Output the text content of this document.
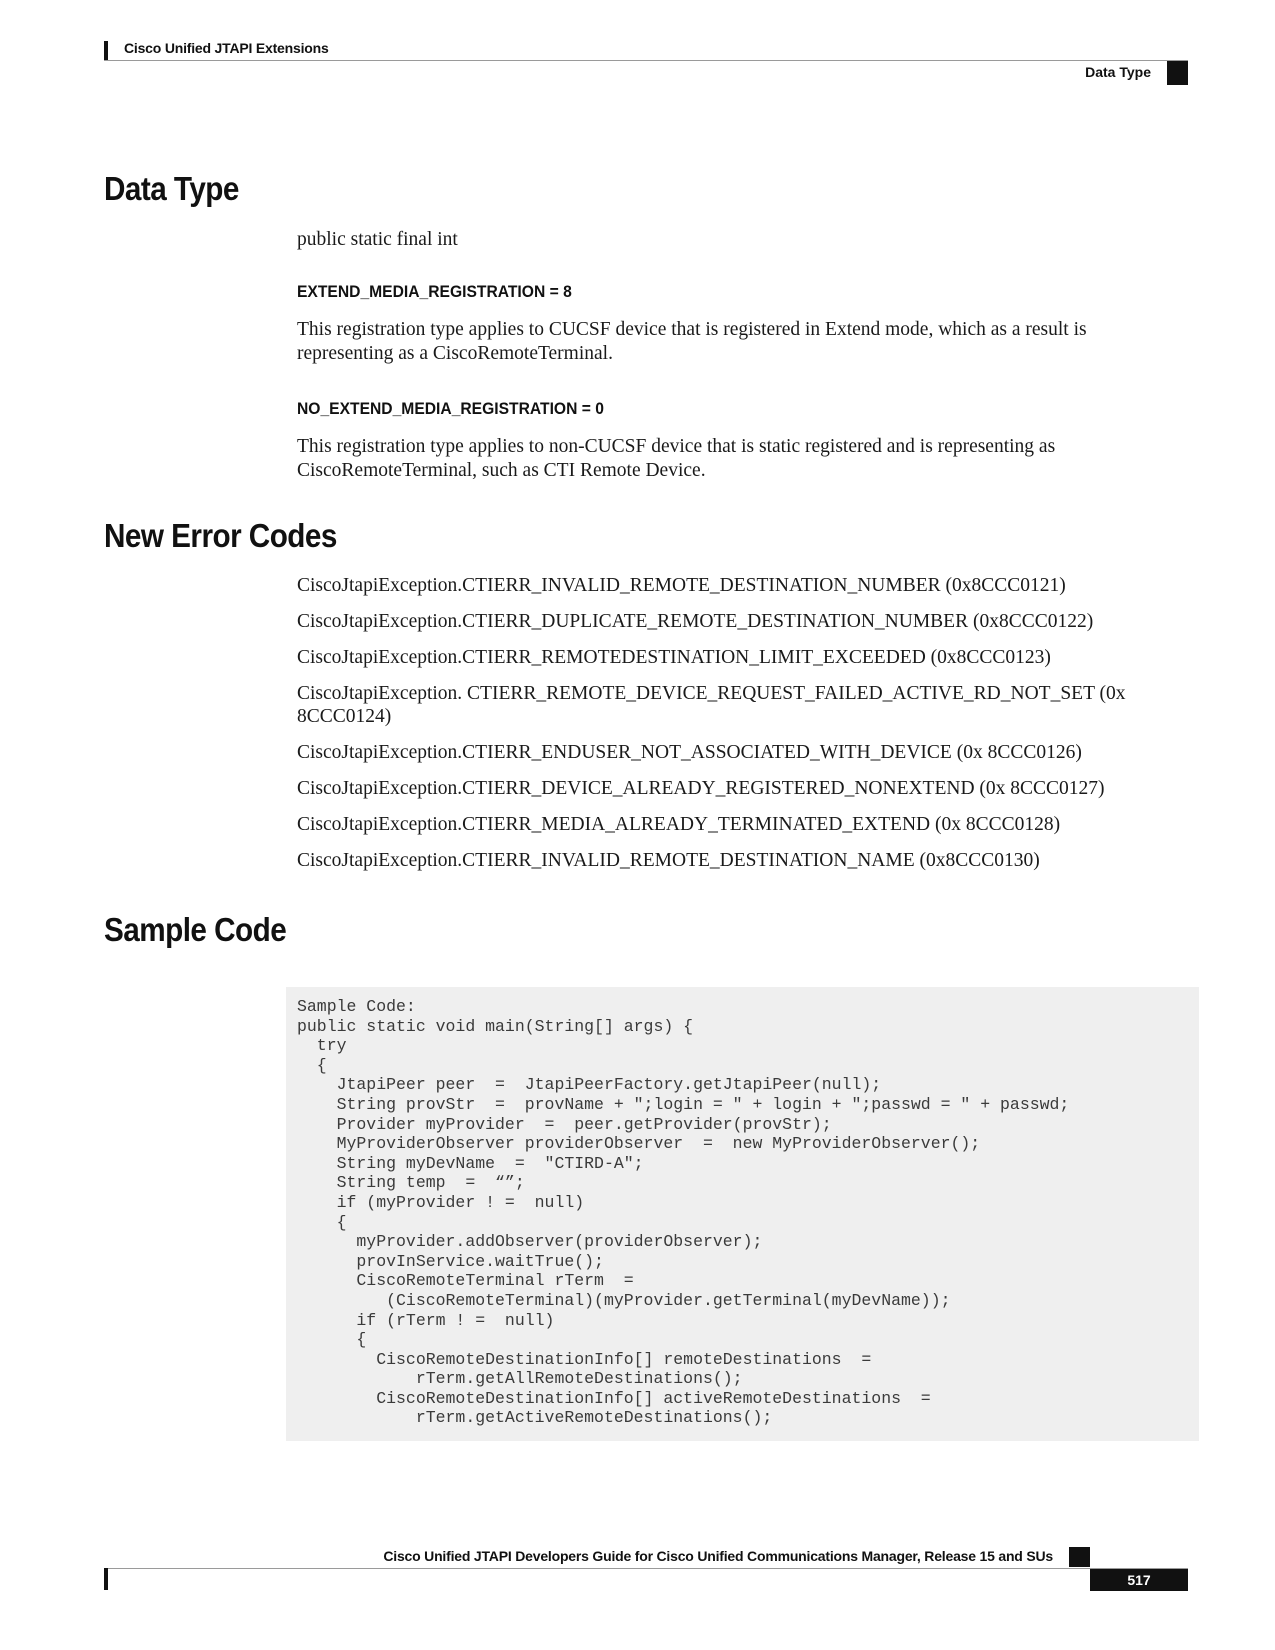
Cisco Unified JTAPI Extensions
Data Type
Data Type

public static final int

EXTEND_MEDIA_REGISTRATION = 8

This registration type applies to CUCSF device that is registered in Extend mode, which as a result is representing as a CiscoRemoteTerminal.

NO_EXTEND_MEDIA_REGISTRATION = 0

This registration type applies to non-CUCSF device that is static registered and is representing as CiscoRemoteTerminal, such as CTI Remote Device.

New Error Codes
CiscoJtapiException.CTIERR_INVALID_REMOTE_DESTINATION_NUMBER (0x8CCC0121)
CiscoJtapiException.CTIERR_DUPLICATE_REMOTE_DESTINATION_NUMBER (0x8CCC0122)
CiscoJtapiException.CTIERR_REMOTEDESTINATION_LIMIT_EXCEEDED (0x8CCC0123)
CiscoJtapiException. CTIERR_REMOTE_DEVICE_REQUEST_FAILED_ACTIVE_RD_NOT_SET (0x 8CCC0124)
CiscoJtapiException.CTIERR_ENDUSER_NOT_ASSOCIATED_WITH_DEVICE (0x 8CCC0126)
CiscoJtapiException.CTIERR_DEVICE_ALREADY_REGISTERED_NONEXTEND (0x 8CCC0127)
CiscoJtapiException.CTIERR_MEDIA_ALREADY_TERMINATED_EXTEND (0x 8CCC0128)
CiscoJtapiException.CTIERR_INVALID_REMOTE_DESTINATION_NAME (0x8CCC0130)
Sample Code
Sample Code:
public static void main(String[] args) {
try
{
JtapiPeer peer  =  JtapiPeerFactory.getJtapiPeer(null);
String provStr  =  provName + ";login = " + login + ";passwd = " + passwd;
Provider myProvider  =  peer.getProvider(provStr);
MyProviderObserver providerObserver  =  new MyProviderObserver();
String myDevName  =  "CTIRD-A";
String temp  =  “”;
if (myProvider ! =  null)
{
myProvider.addObserver(providerObserver);
provInService.waitTrue();
CiscoRemoteTerminal rTerm  =
(CiscoRemoteTerminal)(myProvider.getTerminal(myDevName));
if (rTerm ! =  null)
{
CiscoRemoteDestinationInfo[] remoteDestinations  =
rTerm.getAllRemoteDestinations();
CiscoRemoteDestinationInfo[] activeRemoteDestinations  =
rTerm.getActiveRemoteDestinations();
Cisco Unified JTAPI Developers Guide for Cisco Unified Communications Manager, Release 15 and SUs
517
